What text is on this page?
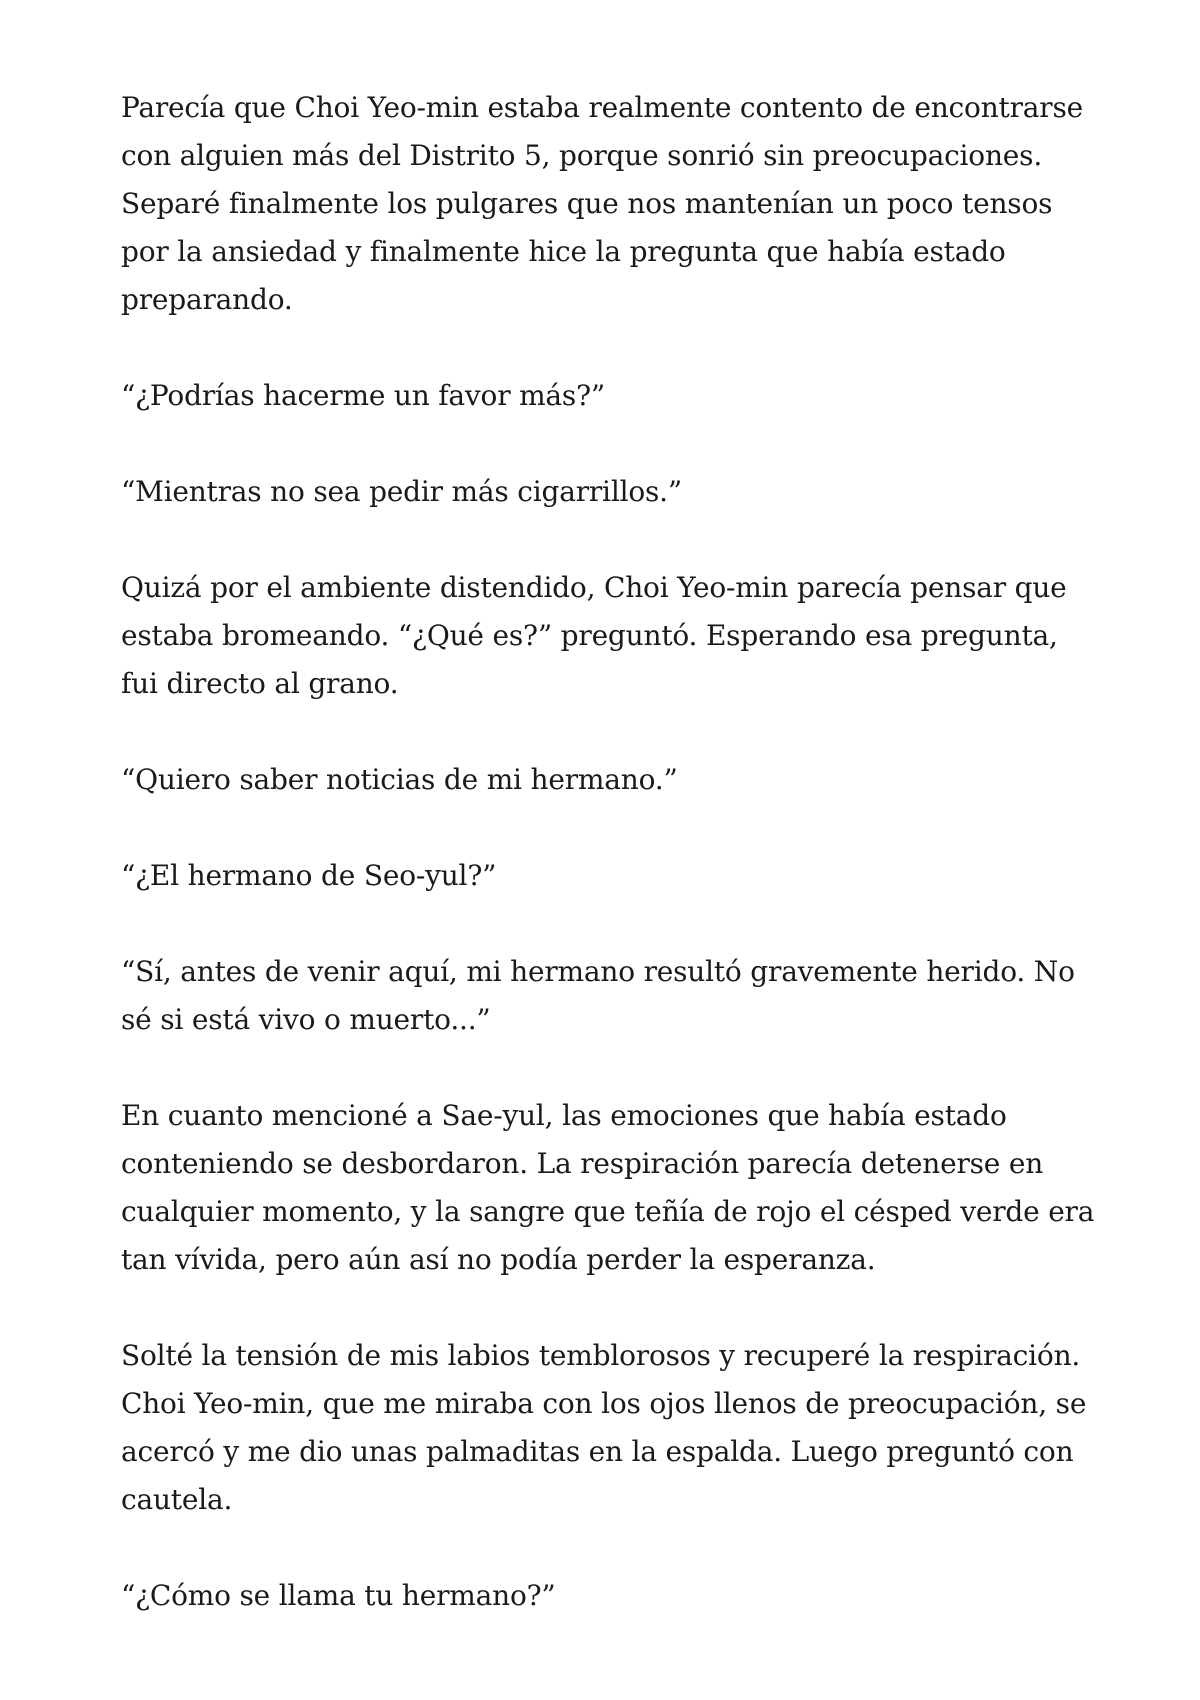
Parecía que Choi Yeo-min estaba realmente contento de encontrarse con alguien más del Distrito 5, porque sonrió sin preocupaciones. Separé finalmente los pulgares que nos mantenían un poco tensos por la ansiedad y finalmente hice la pregunta que había estado preparando.

“¿Podrías hacerme un favor más?”

“Mientras no sea pedir más cigarrillos.”

Quizá por el ambiente distendido, Choi Yeo-min parecía pensar que estaba bromeando. “¿Qué es?” preguntó. Esperando esa pregunta, fui directo al grano.

“Quiero saber noticias de mi hermano.”

“¿El hermano de Seo-yul?”

“Sí, antes de venir aquí, mi hermano resultó gravemente herido. No sé si está vivo o muerto...”

En cuanto mencioné a Sae-yul, las emociones que había estado conteniendo se desbordaron. La respiración parecía detenerse en cualquier momento, y la sangre que teñía de rojo el césped verde era tan vívida, pero aún así no podía perder la esperanza.

Solté la tensión de mis labios temblorosos y recuperé la respiración. Choi Yeo-min, que me miraba con los ojos llenos de preocupación, se acercó y me dio unas palmaditas en la espalda. Luego preguntó con cautela.

“¿Cómo se llama tu hermano?”
